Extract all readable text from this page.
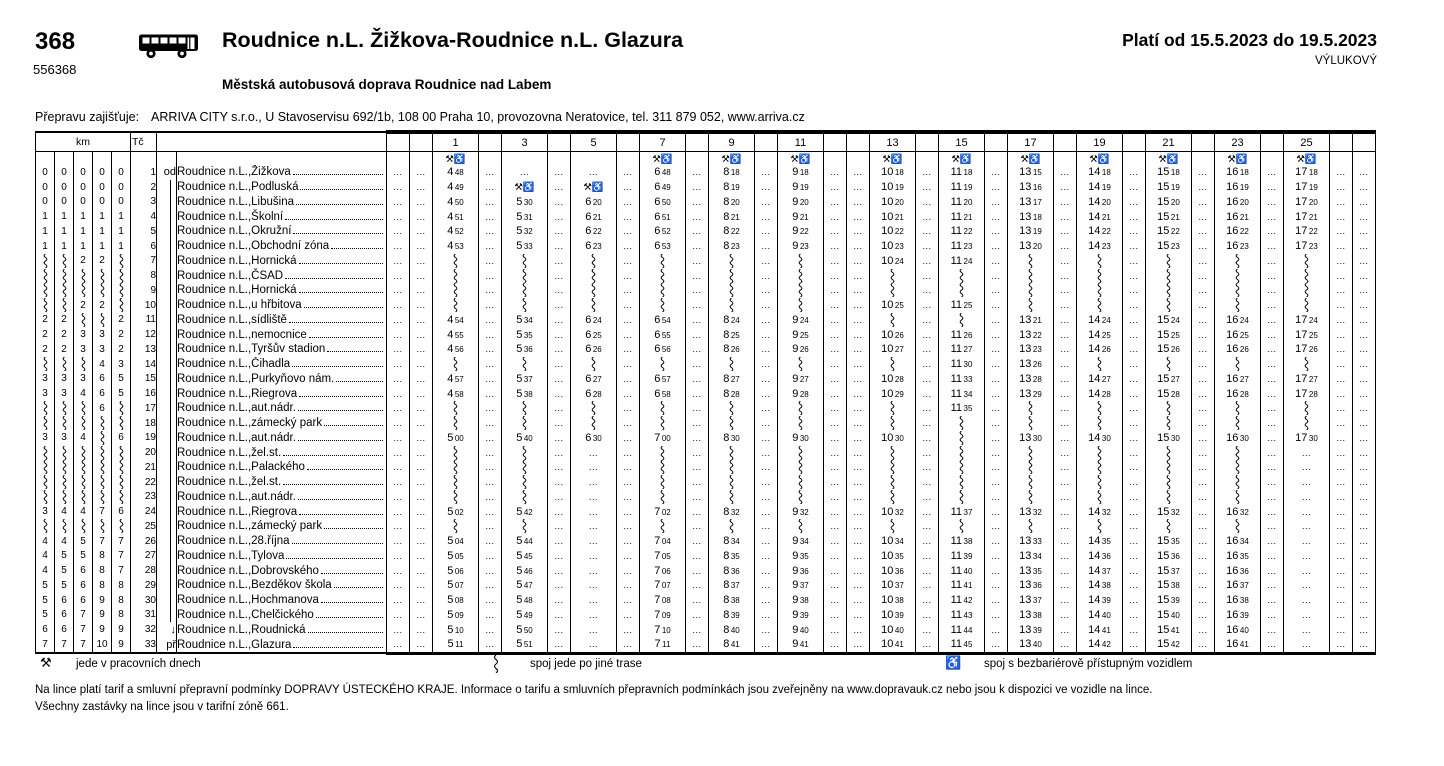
368
556368
Roudnice n.L. Žižkova-Roudnice n.L. Glazura
Městská autobusová doprava Roudnice nad Labem
Platí od 15.5.2023 do 19.5.2023
VÝLUKOVÝ
Přepravu zajišťuje: ARRIVA CITY s.r.o., U Stavoservisu 692/1b, 108 00 Praha 10, provozovna Neratovice, tel. 311 879 052, www.arriva.cz
km					Tč					1		3		5		7		9		11			13		15		17		19		21		23		25		
										⚒♿						⚒♿		⚒♿		⚒♿			⚒♿		⚒♿		⚒♿		⚒♿		⚒♿		⚒♿		⚒♿		
0	0	0	0	0	1	od	Roudnice n.L.,Žižkova	...	...	4 48	...	...	...	...	...	6 48	...	8 18	...	9 18	...	...	10 18	...	11 18	...	13 15	...	14 18	...	15 18	...	16 18	...	17 18	...	...
0	0	0	0	0	2		Roudnice n.L.,Podluská	...	...	4 49	...	⚒♿	...	⚒♿	...	6 49	...	8 19	...	9 19	...	...	10 19	...	11 19	...	13 16	...	14 19	...	15 19	...	16 19	...	17 19	...	...
0	0	0	0	0	3		Roudnice n.L.,Libušina	...	...	4 50	...	5 30	...	6 20	...	6 50	...	8 20	...	9 20	...	...	10 20	...	11 20	...	13 17	...	14 20	...	15 20	...	16 20	...	17 20	...	...
1	1	1	1	1	4		Roudnice n.L.,Školní	...	...	4 51	...	5 31	...	6 21	...	6 51	...	8 21	...	9 21	...	...	10 21	...	11 21	...	13 18	...	14 21	...	15 21	...	16 21	...	17 21	...	...
1	1	1	1	1	5		Roudnice n.L.,Okružní	...	...	4 52	...	5 32	...	6 22	...	6 52	...	8 22	...	9 22	...	...	10 22	...	11 22	...	13 19	...	14 22	...	15 22	...	16 22	...	17 22	...	...
1	1	1	1	1	6		Roudnice n.L.,Obchodní zóna	...	...	4 53	...	5 33	...	6 23	...	6 53	...	8 23	...	9 23	...	...	10 23	...	11 23	...	13 20	...	14 23	...	15 23	...	16 23	...	17 23	...	...
		2	2		7		Roudnice n.L.,Hornická	...	...		...		...		...		...		...		...	...	10 24	...	11 24	...		...		...		...		...		...	...
					8		Roudnice n.L.,ČSAD	...	...		...		...		...		...		...		...	...		...		...		...		...		...		...		...	...
					9		Roudnice n.L.,Hornická	...	...		...		...		...		...		...		...	...		...		...		...		...		...		...		...	...
		2	2		10		Roudnice n.L.,u hřbitova	...	...		...		...		...		...		...		...	...	10 25	...	11 25	...		...		...		...		...		...	...
2	2			2	11		Roudnice n.L.,sídliště	...	...	4 54	...	5 34	...	6 24	...	6 54	...	8 24	...	9 24	...	...		...		...	13 21	...	14 24	...	15 24	...	16 24	...	17 24	...	...
2	2	3	3	2	12		Roudnice n.L.,nemocnice	...	...	4 55	...	5 35	...	6 25	...	6 55	...	8 25	...	9 25	...	...	10 26	...	11 26	...	13 22	...	14 25	...	15 25	...	16 25	...	17 25	...	...
2	2	3	3	2	13		Roudnice n.L.,Tyršův stadion	...	...	4 56	...	5 36	...	6 26	...	6 56	...	8 26	...	9 26	...	...	10 27	...	11 27	...	13 23	...	14 26	...	15 26	...	16 26	...	17 26	...	...
			4	3	14		Roudnice n.L.,Čihadla	...	...		...		...		...		...		...		...	...		...	11 30	...	13 26	...		...		...		...		...	...
3	3	3	6	5	15		Roudnice n.L.,Purkyňovo nám.	...	...	4 57	...	5 37	...	6 27	...	6 57	...	8 27	...	9 27	...	...	10 28	...	11 33	...	13 28	...	14 27	...	15 27	...	16 27	...	17 27	...	...
3	3	4	6	5	16		Roudnice n.L.,Riegrova	...	...	4 58	...	5 38	...	6 28	...	6 58	...	8 28	...	9 28	...	...	10 29	...	11 34	...	13 29	...	14 28	...	15 28	...	16 28	...	17 28	...	...
			6		17		Roudnice n.L.,aut.nádr.	...	...		...		...		...		...		...		...	...		...	11 35	...		...		...		...		...		...	...
					18		Roudnice n.L.,zámecký park	...	...		...		...		...		...		...		...	...		...		...		...		...		...		...		...	...
3	3	4		6	19		Roudnice n.L.,aut.nádr.	...	...	5 00	...	5 40	...	6 30	...	7 00	...	8 30	...	9 30	...	...	10 30	...		...	13 30	...	14 30	...	15 30	...	16 30	...	17 30	...	...
					20		Roudnice n.L.,žel.st.	...	...		...		...	...	...		...		...		...	...		...		...		...		...		...		...	...	...	...
					21		Roudnice n.L.,Palackého	...	...		...		...	...	...		...		...		...	...		...		...		...		...		...		...	...	...	...
					22		Roudnice n.L.,žel.st.	...	...		...		...	...	...		...		...		...	...		...		...		...		...		...		...	...	...	...
					23		Roudnice n.L.,aut.nádr.	...	...		...		...	...	...		...		...		...	...		...		...		...		...		...		...	...	...	...
3	4	4	7	6	24		Roudnice n.L.,Riegrova	...	...	5 02	...	5 42	...	...	...	7 02	...	8 32	...	9 32	...	...	10 32	...	11 37	...	13 32	...	14 32	...	15 32	...	16 32	...	...	...	...
					25		Roudnice n.L.,zámecký park	...	...		...		...	...	...		...		...		...	...		...		...		...		...		...		...	...	...	...
4	4	5	7	7	26		Roudnice n.L.,28.října	...	...	5 04	...	5 44	...	...	...	7 04	...	8 34	...	9 34	...	...	10 34	...	11 38	...	13 33	...	14 35	...	15 35	...	16 34	...	...	...	...
4	5	5	8	7	27		Roudnice n.L.,Tylova	...	...	5 05	...	5 45	...	...	...	7 05	...	8 35	...	9 35	...	...	10 35	...	11 39	...	13 34	...	14 36	...	15 36	...	16 35	...	...	...	...
4	5	6	8	7	28		Roudnice n.L.,Dobrovského	...	...	5 06	...	5 46	...	...	...	7 06	...	8 36	...	9 36	...	...	10 36	...	11 40	...	13 35	...	14 37	...	15 37	...	16 36	...	...	...	...
5	5	6	8	8	29		Roudnice n.L.,Bezděkov škola	...	...	5 07	...	5 47	...	...	...	7 07	...	8 37	...	9 37	...	...	10 37	...	11 41	...	13 36	...	14 38	...	15 38	...	16 37	...	...	...	...
5	6	6	9	8	30		Roudnice n.L.,Hochmanova	...	...	5 08	...	5 48	...	...	...	7 08	...	8 38	...	9 38	...	...	10 38	...	11 42	...	13 37	...	14 39	...	15 39	...	16 38	...	...	...	...
5	6	7	9	8	31		Roudnice n.L.,Chelčického	...	...	5 09	...	5 49	...	...	...	7 09	...	8 39	...	9 39	...	...	10 39	...	11 43	...	13 38	...	14 40	...	15 40	...	16 39	...	...	...	...
6	6	7	9	9	32	↓	Roudnice n.L.,Roudnická	...	...	5 10	...	5 50	...	...	...	7 10	...	8 40	...	9 40	...	...	10 40	...	11 44	...	13 39	...	14 41	...	15 41	...	16 40	...	...	...	...
7	7	7	10	9	33	př	Roudnice n.L.,Glazura	...	...	5 11	...	5 51	...	...	...	7 11	...	8 41	...	9 41	...	...	10 41	...	11 45	...	13 40	...	14 42	...	15 42	...	16 41	...	...	...	...
⚒ jede v pracovních dnech	spoj jede po jiné trase	♿ spoj s bezbariérově přístupným vozidlem
Na lince platí tarif a smluvní přepravní podmínky DOPRAVY ÚSTECKÉHO KRAJE. Informace o tarifu a smluvních přepravních podmínkách jsou zveřejněny na www.dopravauk.cz nebo jsou k dispozici ve vozidle na lince.
Všechny zastávky na lince jsou v tarifní zóně 661.
